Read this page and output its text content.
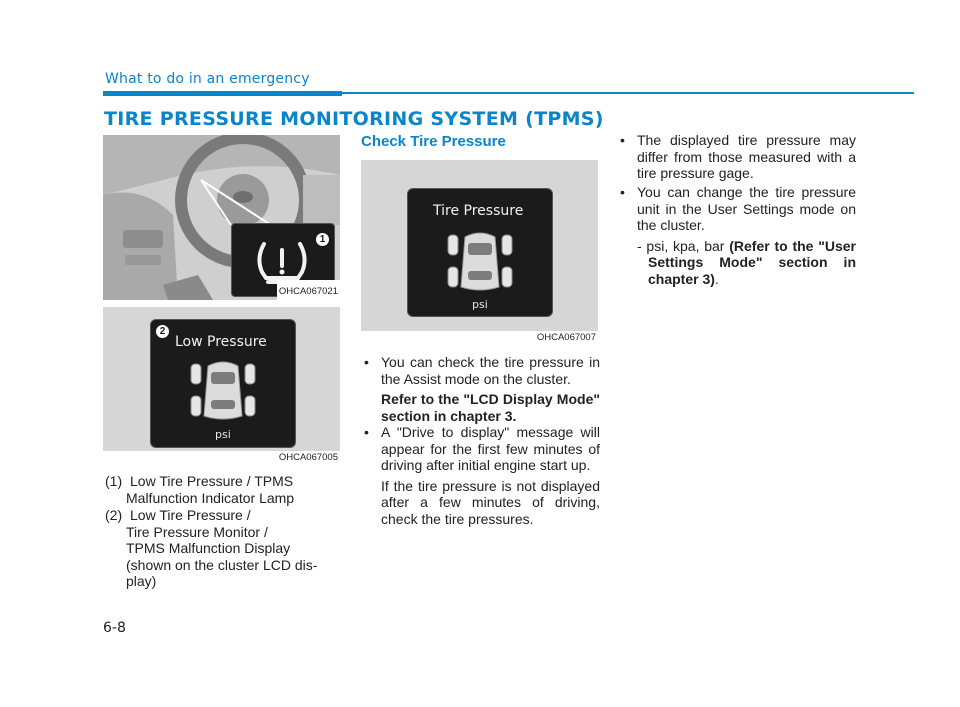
What to do in an emergency
TIRE PRESSURE MONITORING SYSTEM (TPMS)
1
OHCA067021
2
Low Pressure
psi
OHCA067005
(1) Low Tire Pressure / TPMS
Malfunction Indicator Lamp
(2) Low Tire Pressure /
Tire Pressure Monitor /
TPMS Malfunction Display
(shown on the cluster LCD dis-
play)
Check Tire Pressure
Tire Pressure
psi
OHCA067007
• You can check the tire pressure in the Assist mode on the cluster.
Refer to the "LCD Display Mode" section in chapter 3.
• A "Drive to display" message will appear for the first few minutes of driving after initial engine start up.
If the tire pressure is not displayed after a few minutes of driving, check the tire pressures.
• The displayed tire pressure may differ from those measured with a tire pressure gage.
• You can change the tire pressure unit in the User Settings mode on the cluster.
- psi, kpa, bar (Refer to the "User Settings Mode" section in chapter 3).
6-8
